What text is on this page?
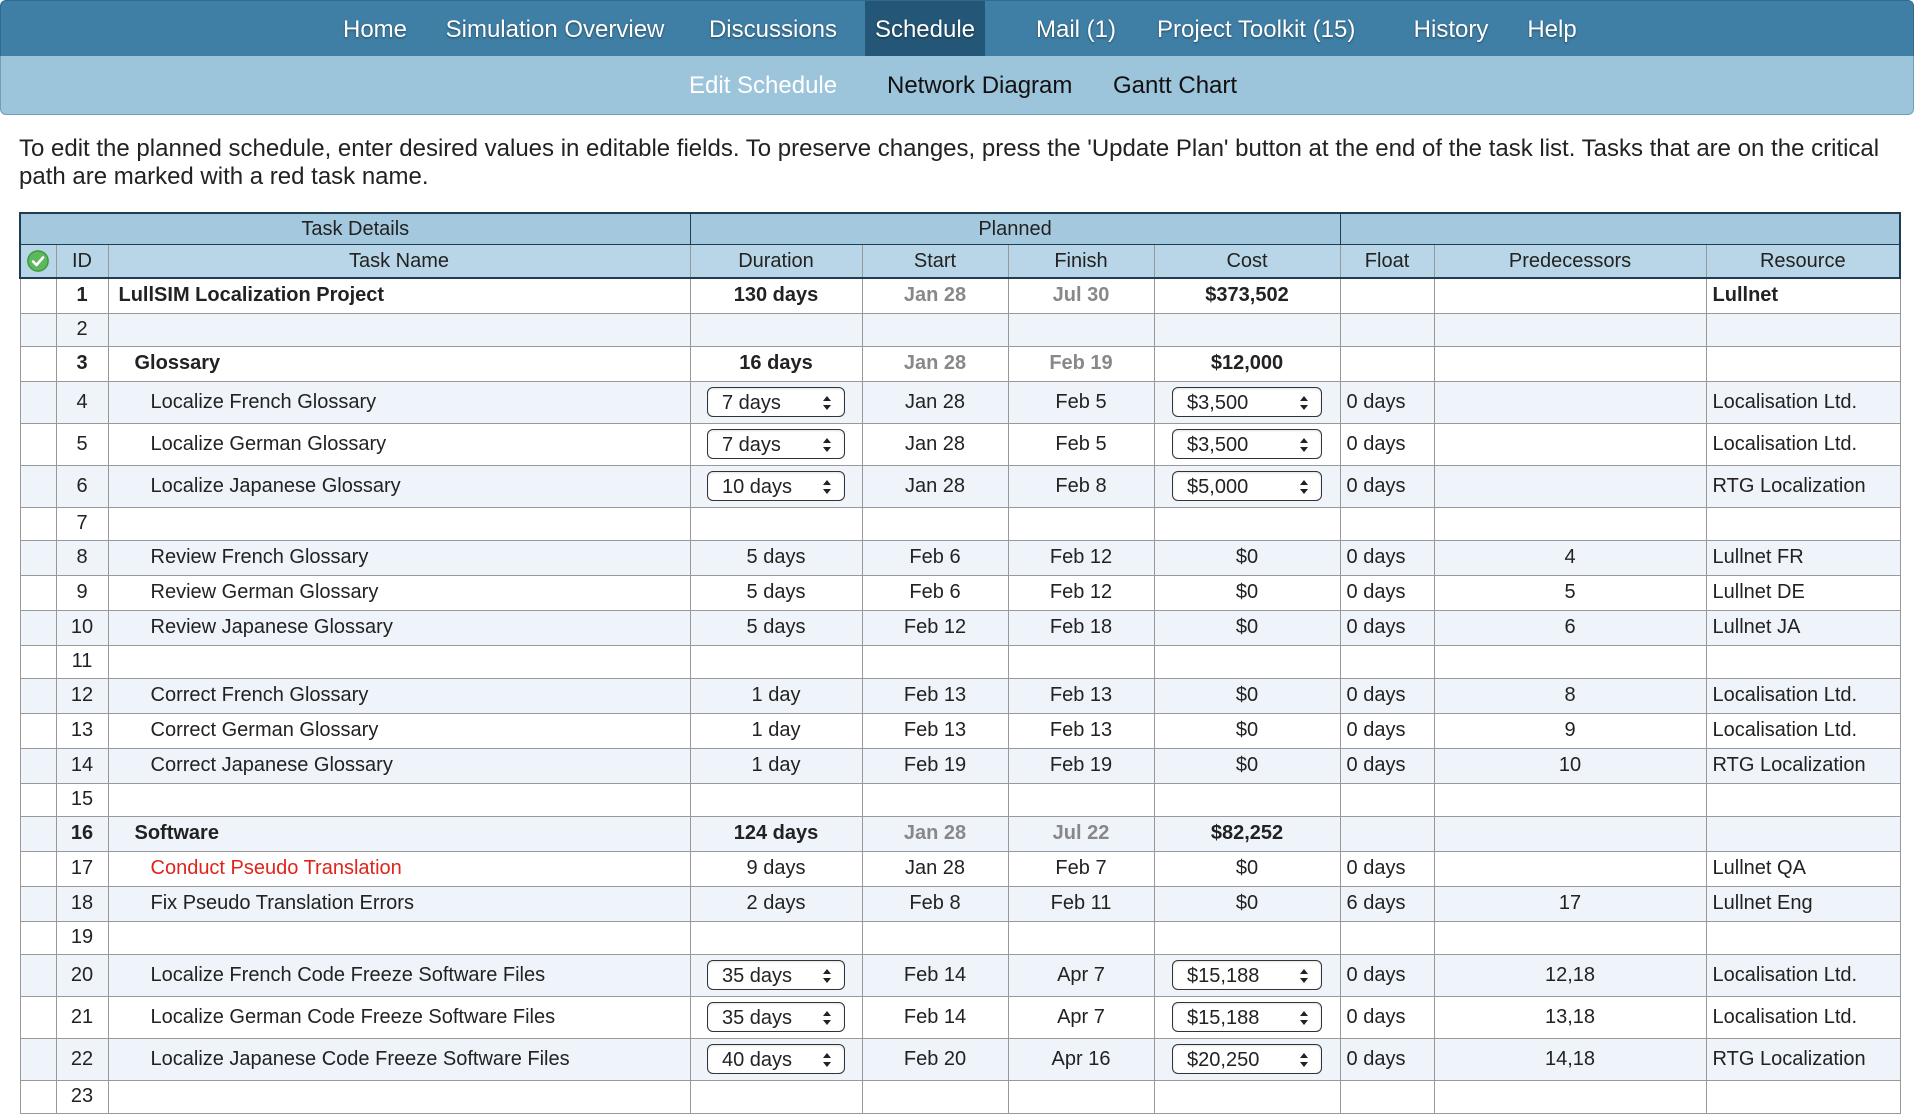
Home	Simulation Overview Discussions	Schedule	Mail (1)	Project Toolkit (15)	History	Help
Edit Schedule Network Diagram Gantt Chart
To edit the planned schedule, enter desired values in editable fields. To preserve changes, press the 'Update Plan' button at the end of the task list. Tasks that are on the critical path are marked with a red task name.
Task Details			Planned						
	ID	Task Name	Duration	Start	Finish	Cost	Float	Predecessors	Resource
	1	LullSIM Localization Project	130 days	Jan 28	Jul 30	$373,502			Lullnet
	2								
	3	Glossary	16 days	Jan 28	Feb 19	$12,000			
	4	Localize French Glossary	7 days	Jan 28	Feb 5	$3,500	0 days		Localisation Ltd.
	5	Localize German Glossary	7 days	Jan 28	Feb 5	$3,500	0 days		Localisation Ltd.
	6	Localize Japanese Glossary	10 days	Jan 28	Feb 8	$5,000	0 days		RTG Localization
	7								
	8	Review French Glossary	5 days	Feb 6	Feb 12	$0	0 days	4	Lullnet FR
	9	Review German Glossary	5 days	Feb 6	Feb 12	$0	0 days	5	Lullnet DE
	10	Review Japanese Glossary	5 days	Feb 12	Feb 18	$0	0 days	6	Lullnet JA
	11								
	12	Correct French Glossary	1 day	Feb 13	Feb 13	$0	0 days	8	Localisation Ltd.
	13	Correct German Glossary	1 day	Feb 13	Feb 13	$0	0 days	9	Localisation Ltd.
	14	Correct Japanese Glossary	1 day	Feb 19	Feb 19	$0	0 days	10	RTG Localization
	15								
	16	Software	124 days	Jan 28	Jul 22	$82,252			
	17	Conduct Pseudo Translation	9 days	Jan 28	Feb 7	$0	0 days		Lullnet QA
	18	Fix Pseudo Translation Errors	2 days	Feb 8	Feb 11	$0	6 days	17	Lullnet Eng
	19								
	20	Localize French Code Freeze Software Files	35 days	Feb 14	Apr 7	$15,188	0 days	12,18	Localisation Ltd.
	21	Localize German Code Freeze Software Files	35 days	Feb 14	Apr 7	$15,188	0 days	13,18	Localisation Ltd.
	22	Localize Japanese Code Freeze Software Files	40 days	Feb 20	Apr 16	$20,250	0 days	14,18	RTG Localization
	23								
